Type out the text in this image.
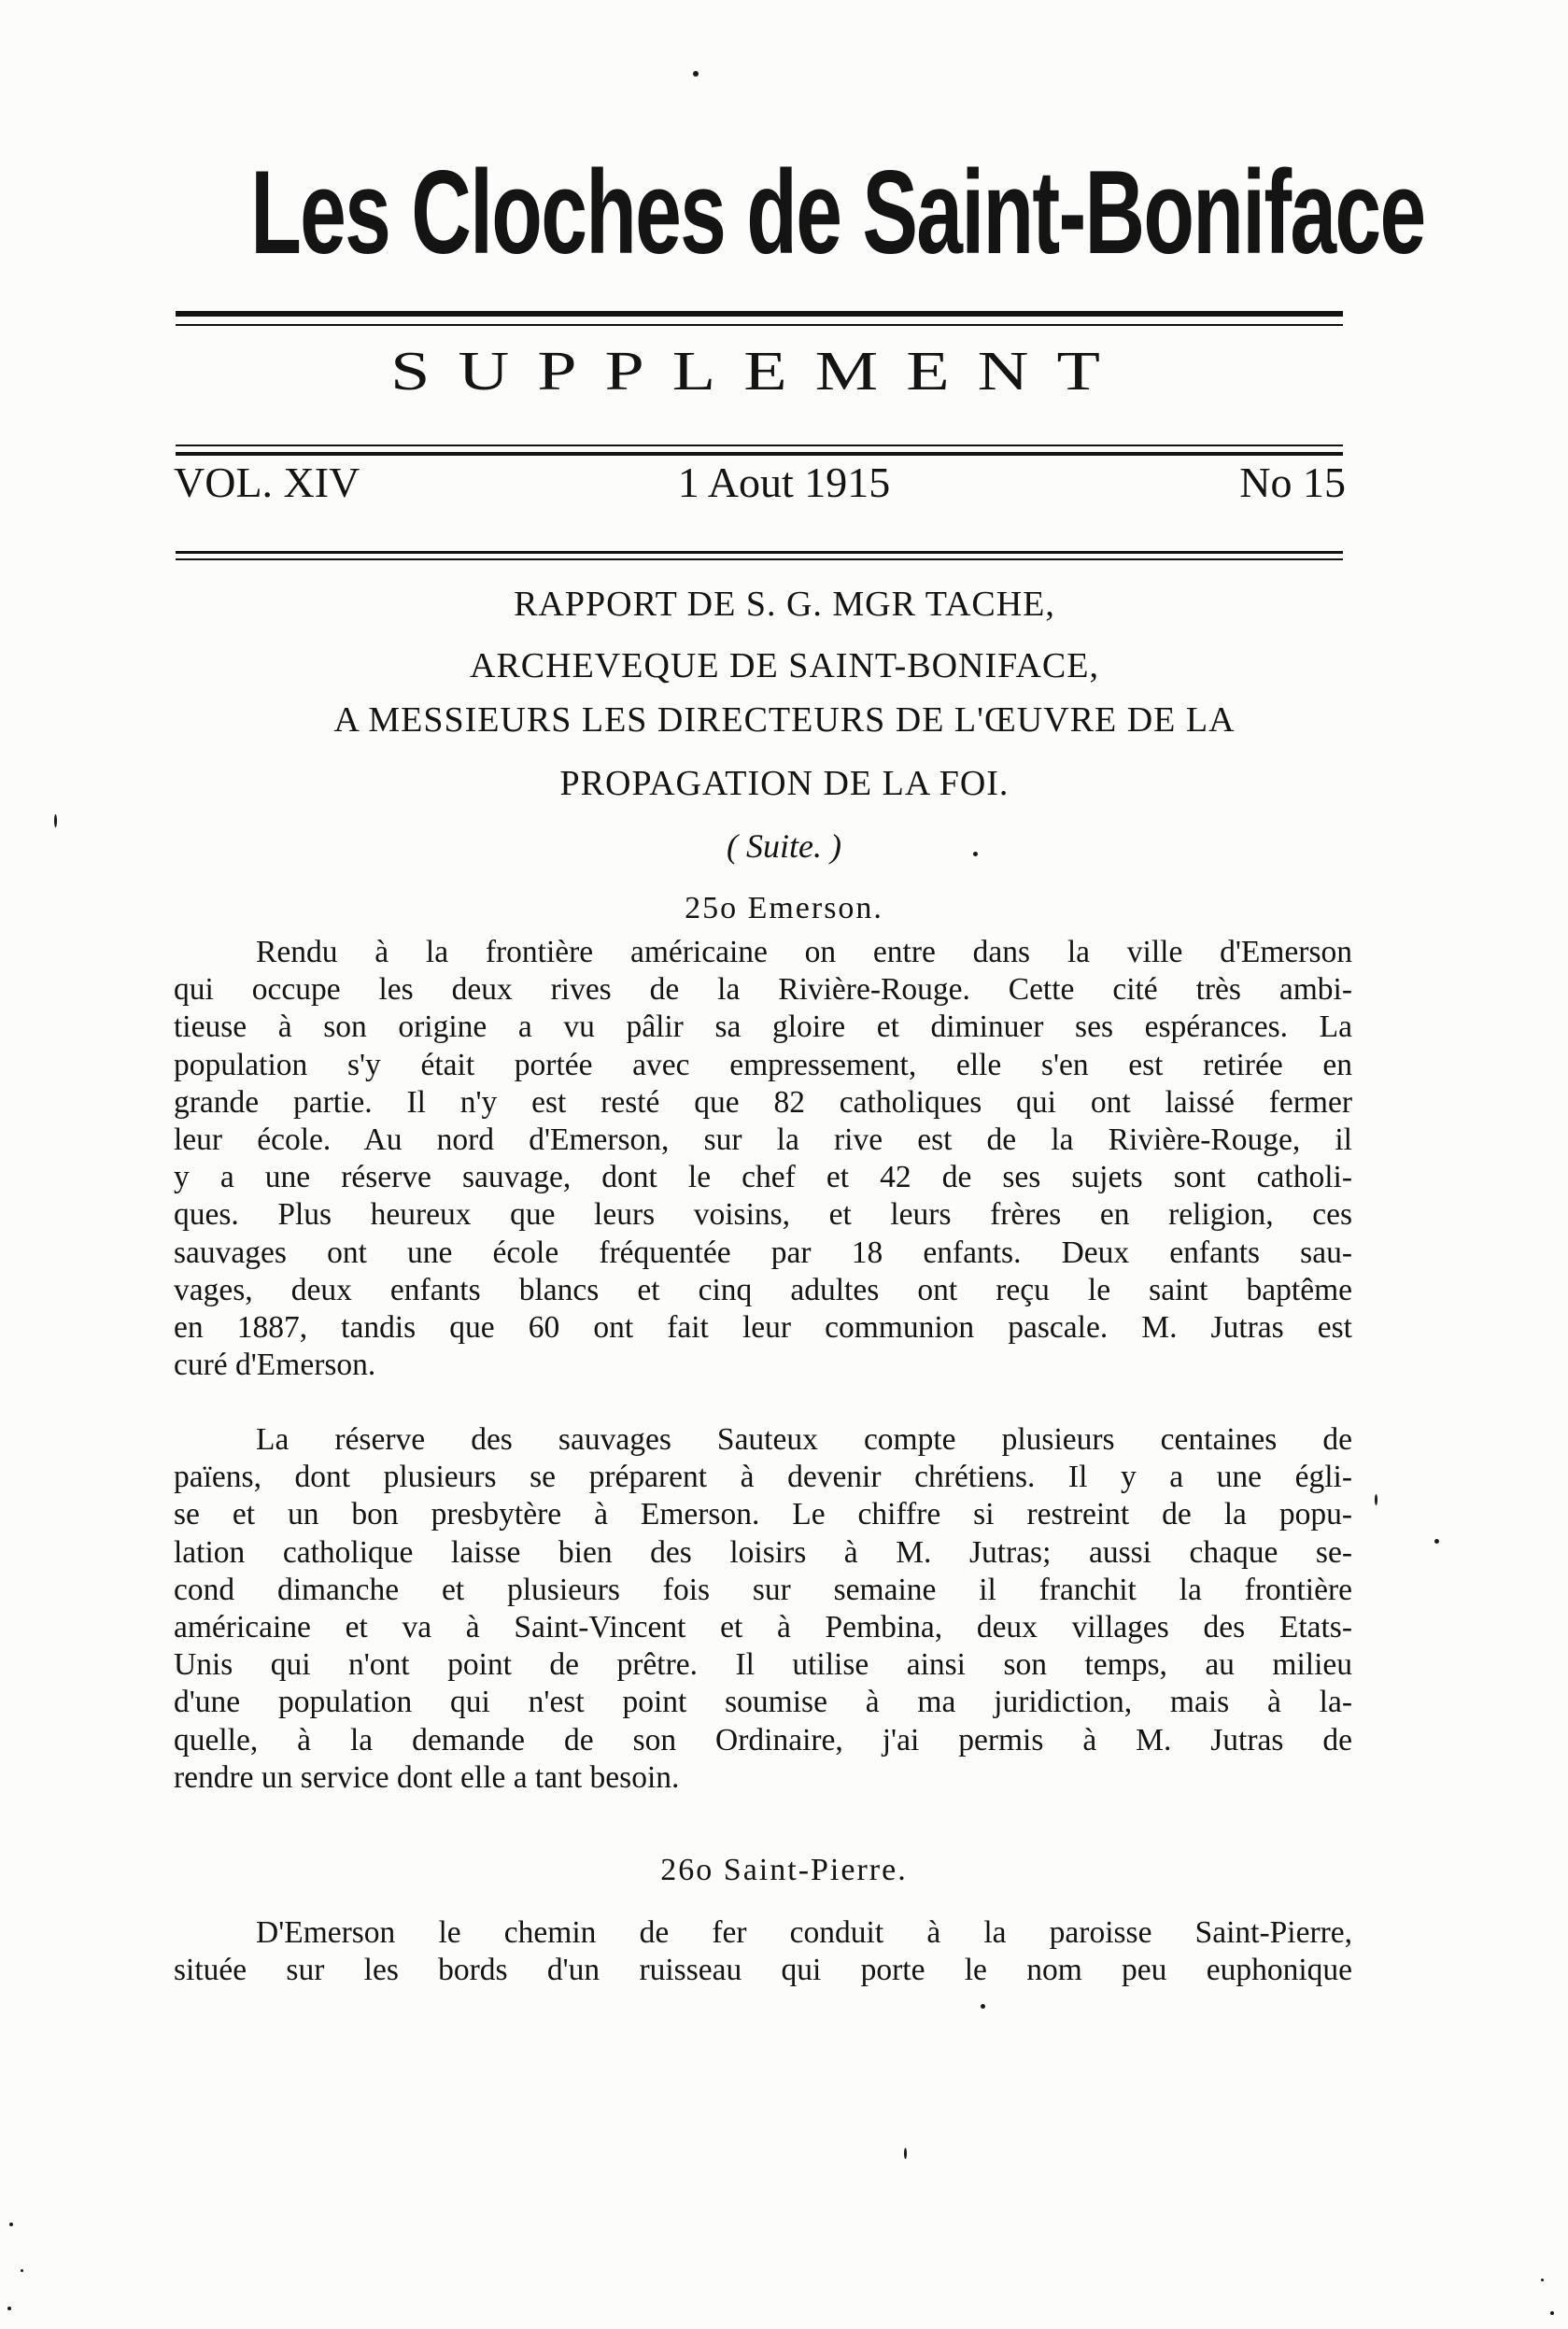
Les Cloches de Saint-Boniface
SUPPLEMENT
VOL. XIV	1 Aout 1915	No 15
RAPPORT DE S. G. MGR TACHE,
ARCHEVEQUE DE SAINT-BONIFACE,
A MESSIEURS LES DIRECTEURS DE L'ŒUVRE DE LA
PROPAGATION DE LA FOI.
( Suite. )
25o Emerson.
Rendu à la frontière américaine on entre dans la ville d'Emerson
qui occupe les deux rives de la Rivière-Rouge. Cette cité très ambi-
tieuse à son origine a vu pâlir sa gloire et diminuer ses espérances. La
population s'y était portée avec empressement, elle s'en est retirée en
grande partie. Il n'y est resté que 82 catholiques qui ont laissé fermer
leur école. Au nord d'Emerson, sur la rive est de la Rivière-Rouge, il
y a une réserve sauvage, dont le chef et 42 de ses sujets sont catholi-
ques. Plus heureux que leurs voisins, et leurs frères en religion, ces
sauvages ont une école fréquentée par 18 enfants. Deux enfants sau-
vages, deux enfants blancs et cinq adultes ont reçu le saint baptême
en 1887, tandis que 60 ont fait leur communion pascale. M. Jutras est
curé d'Emerson.
La réserve des sauvages Sauteux compte plusieurs centaines de
païens, dont plusieurs se préparent à devenir chrétiens. Il y a une égli-
se et un bon presbytère à Emerson. Le chiffre si restreint de la popu-
lation catholique laisse bien des loisirs à M. Jutras; aussi chaque se-
cond dimanche et plusieurs fois sur semaine il franchit la frontière
américaine et va à Saint-Vincent et à Pembina, deux villages des Etats-
Unis qui n'ont point de prêtre. Il utilise ainsi son temps, au milieu
d'une population qui n'est point soumise à ma juridiction, mais à la-
quelle, à la demande de son Ordinaire, j'ai permis à M. Jutras de
rendre un service dont elle a tant besoin.
26o Saint-Pierre.
D'Emerson le chemin de fer conduit à la paroisse Saint-Pierre,
située sur les bords d'un ruisseau qui porte le nom peu euphonique
